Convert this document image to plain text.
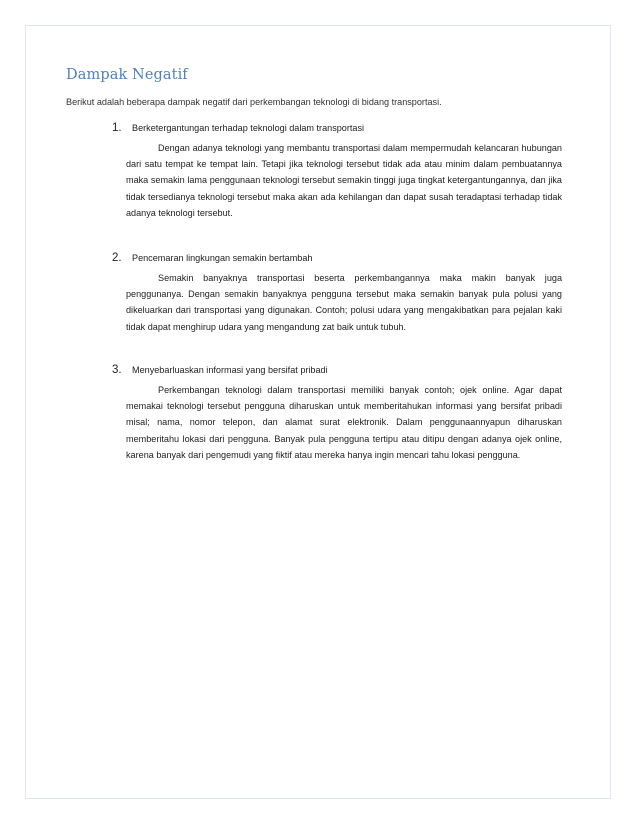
Dampak Negatif

Berikut adalah beberapa dampak negatif dari perkembangan teknologi di bidang transportasi.

1. Berketergantungan terhadap teknologi dalam transportasi

Dengan adanya teknologi yang membantu transportasi dalam mempermudah kelancaran hubungan dari satu tempat ke tempat lain. Tetapi jika teknologi tersebut tidak ada atau minim dalam pembuatannya maka semakin lama penggunaan teknologi tersebut semakin tinggi juga tingkat ketergantungannya, dan jika tidak tersedianya teknologi tersebut maka akan ada kehilangan dan dapat susah teradaptasi terhadap tidak adanya teknologi tersebut.

2. Pencemaran lingkungan semakin bertambah

Semakin banyaknya transportasi beserta perkembangannya maka makin banyak juga penggunanya. Dengan semakin banyaknya pengguna tersebut maka semakin banyak pula polusi yang dikeluarkan dari transportasi yang digunakan. Contoh; polusi udara yang mengakibatkan para pejalan kaki tidak dapat menghirup udara yang mengandung zat baik untuk tubuh.

3. Menyebarluaskan informasi yang bersifat pribadi

Perkembangan teknologi dalam transportasi memiliki banyak contoh; ojek online. Agar dapat memakai teknologi tersebut pengguna diharuskan untuk memberitahukan informasi yang bersifat pribadi misal; nama, nomor telepon, dan alamat surat elektronik. Dalam penggunaannyapun diharuskan memberitahu lokasi dari pengguna. Banyak pula pengguna tertipu atau ditipu dengan adanya ojek online, karena banyak dari pengemudi yang fiktif atau mereka hanya ingin mencari tahu lokasi pengguna.
